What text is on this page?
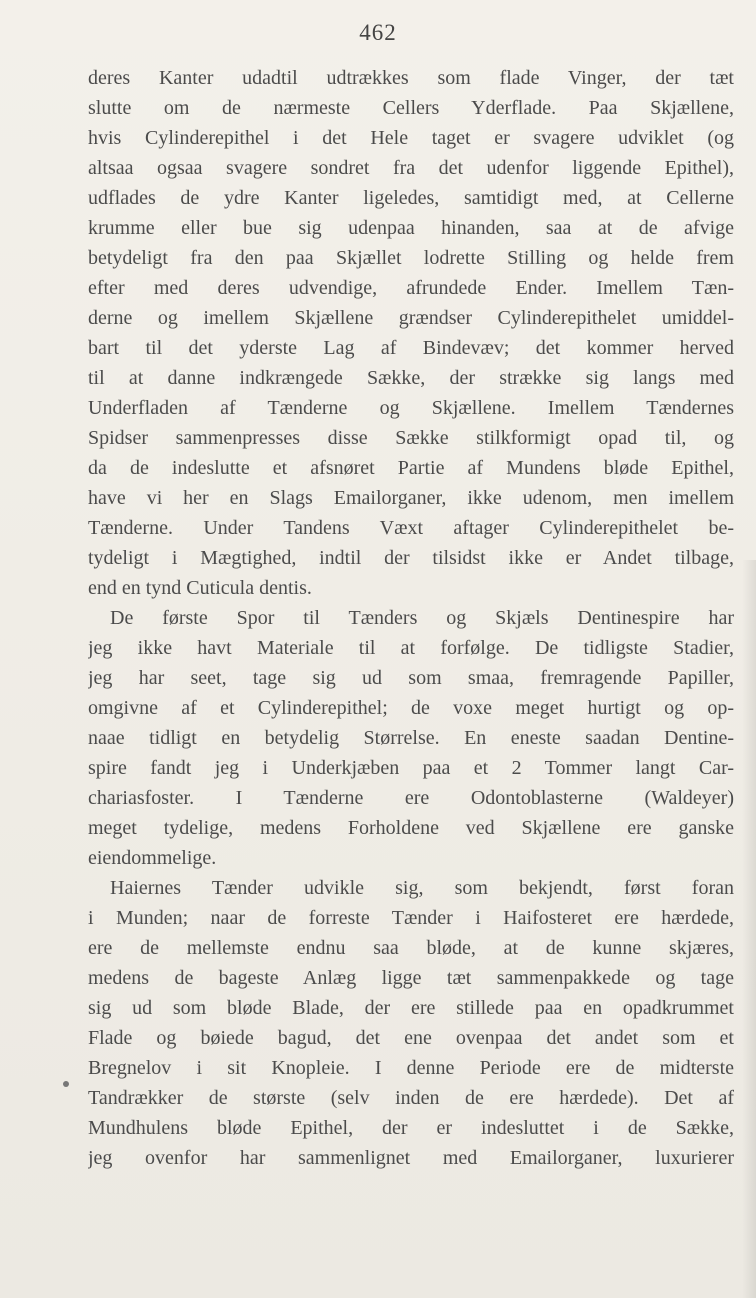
462
deres Kanter udadtil udtrækkes som flade Vinger, der tæt
slutte om de nærmeste Cellers Yderflade. Paa Skjællene,
hvis Cylinderepithel i det Hele taget er svagere udviklet (og
altsaa ogsaa svagere sondret fra det udenfor liggende Epithel),
udflades de ydre Kanter ligeledes, samtidigt med, at Cellerne
krumme eller bue sig udenpaa hinanden, saa at de afvige
betydeligt fra den paa Skjællet lodrette Stilling og helde frem
efter med deres udvendige, afrundede Ender. Imellem Tæn-
derne og imellem Skjællene grændser Cylinderepithelet umiddel-
bart til det yderste Lag af Bindevæv; det kommer herved
til at danne indkrængede Sække, der strække sig langs med
Underfladen af Tænderne og Skjællene. Imellem Tændernes
Spidser sammenpresses disse Sække stilkformigt opad til, og
da de indeslutte et afsnøret Partie af Mundens bløde Epithel,
have vi her en Slags Emailorganer, ikke udenom, men imellem
Tænderne. Under Tandens Væxt aftager Cylinderepithelet be-
tydeligt i Mægtighed, indtil der tilsidst ikke er Andet tilbage,
end en tynd Cuticula dentis.
De første Spor til Tænders og Skjæls Dentinespire har
jeg ikke havt Materiale til at forfølge. De tidligste Stadier,
jeg har seet, tage sig ud som smaa, fremragende Papiller,
omgivne af et Cylinderepithel; de voxe meget hurtigt og op-
naae tidligt en betydelig Størrelse. En eneste saadan Dentine-
spire fandt jeg i Underkjæben paa et 2 Tommer langt Car-
chariasfoster. I Tænderne ere Odontoblasterne (Waldeyer)
meget tydelige, medens Forholdene ved Skjællene ere ganske
eiendommelige.
Haiernes Tænder udvikle sig, som bekjendt, først foran
i Munden; naar de forreste Tænder i Haifosteret ere hærdede,
ere de mellemste endnu saa bløde, at de kunne skjæres,
medens de bageste Anlæg ligge tæt sammenpakkede og tage
sig ud som bløde Blade, der ere stillede paa en opadkrummet
Flade og bøiede bagud, det ene ovenpaa det andet som et
Bregnelov i sit Knopleie. I denne Periode ere de midterste
Tandrækker de største (selv inden de ere hærdede). Det af
Mundhulens bløde Epithel, der er indesluttet i de Sække,
jeg ovenfor har sammenlignet med Emailorganer, luxurierer
